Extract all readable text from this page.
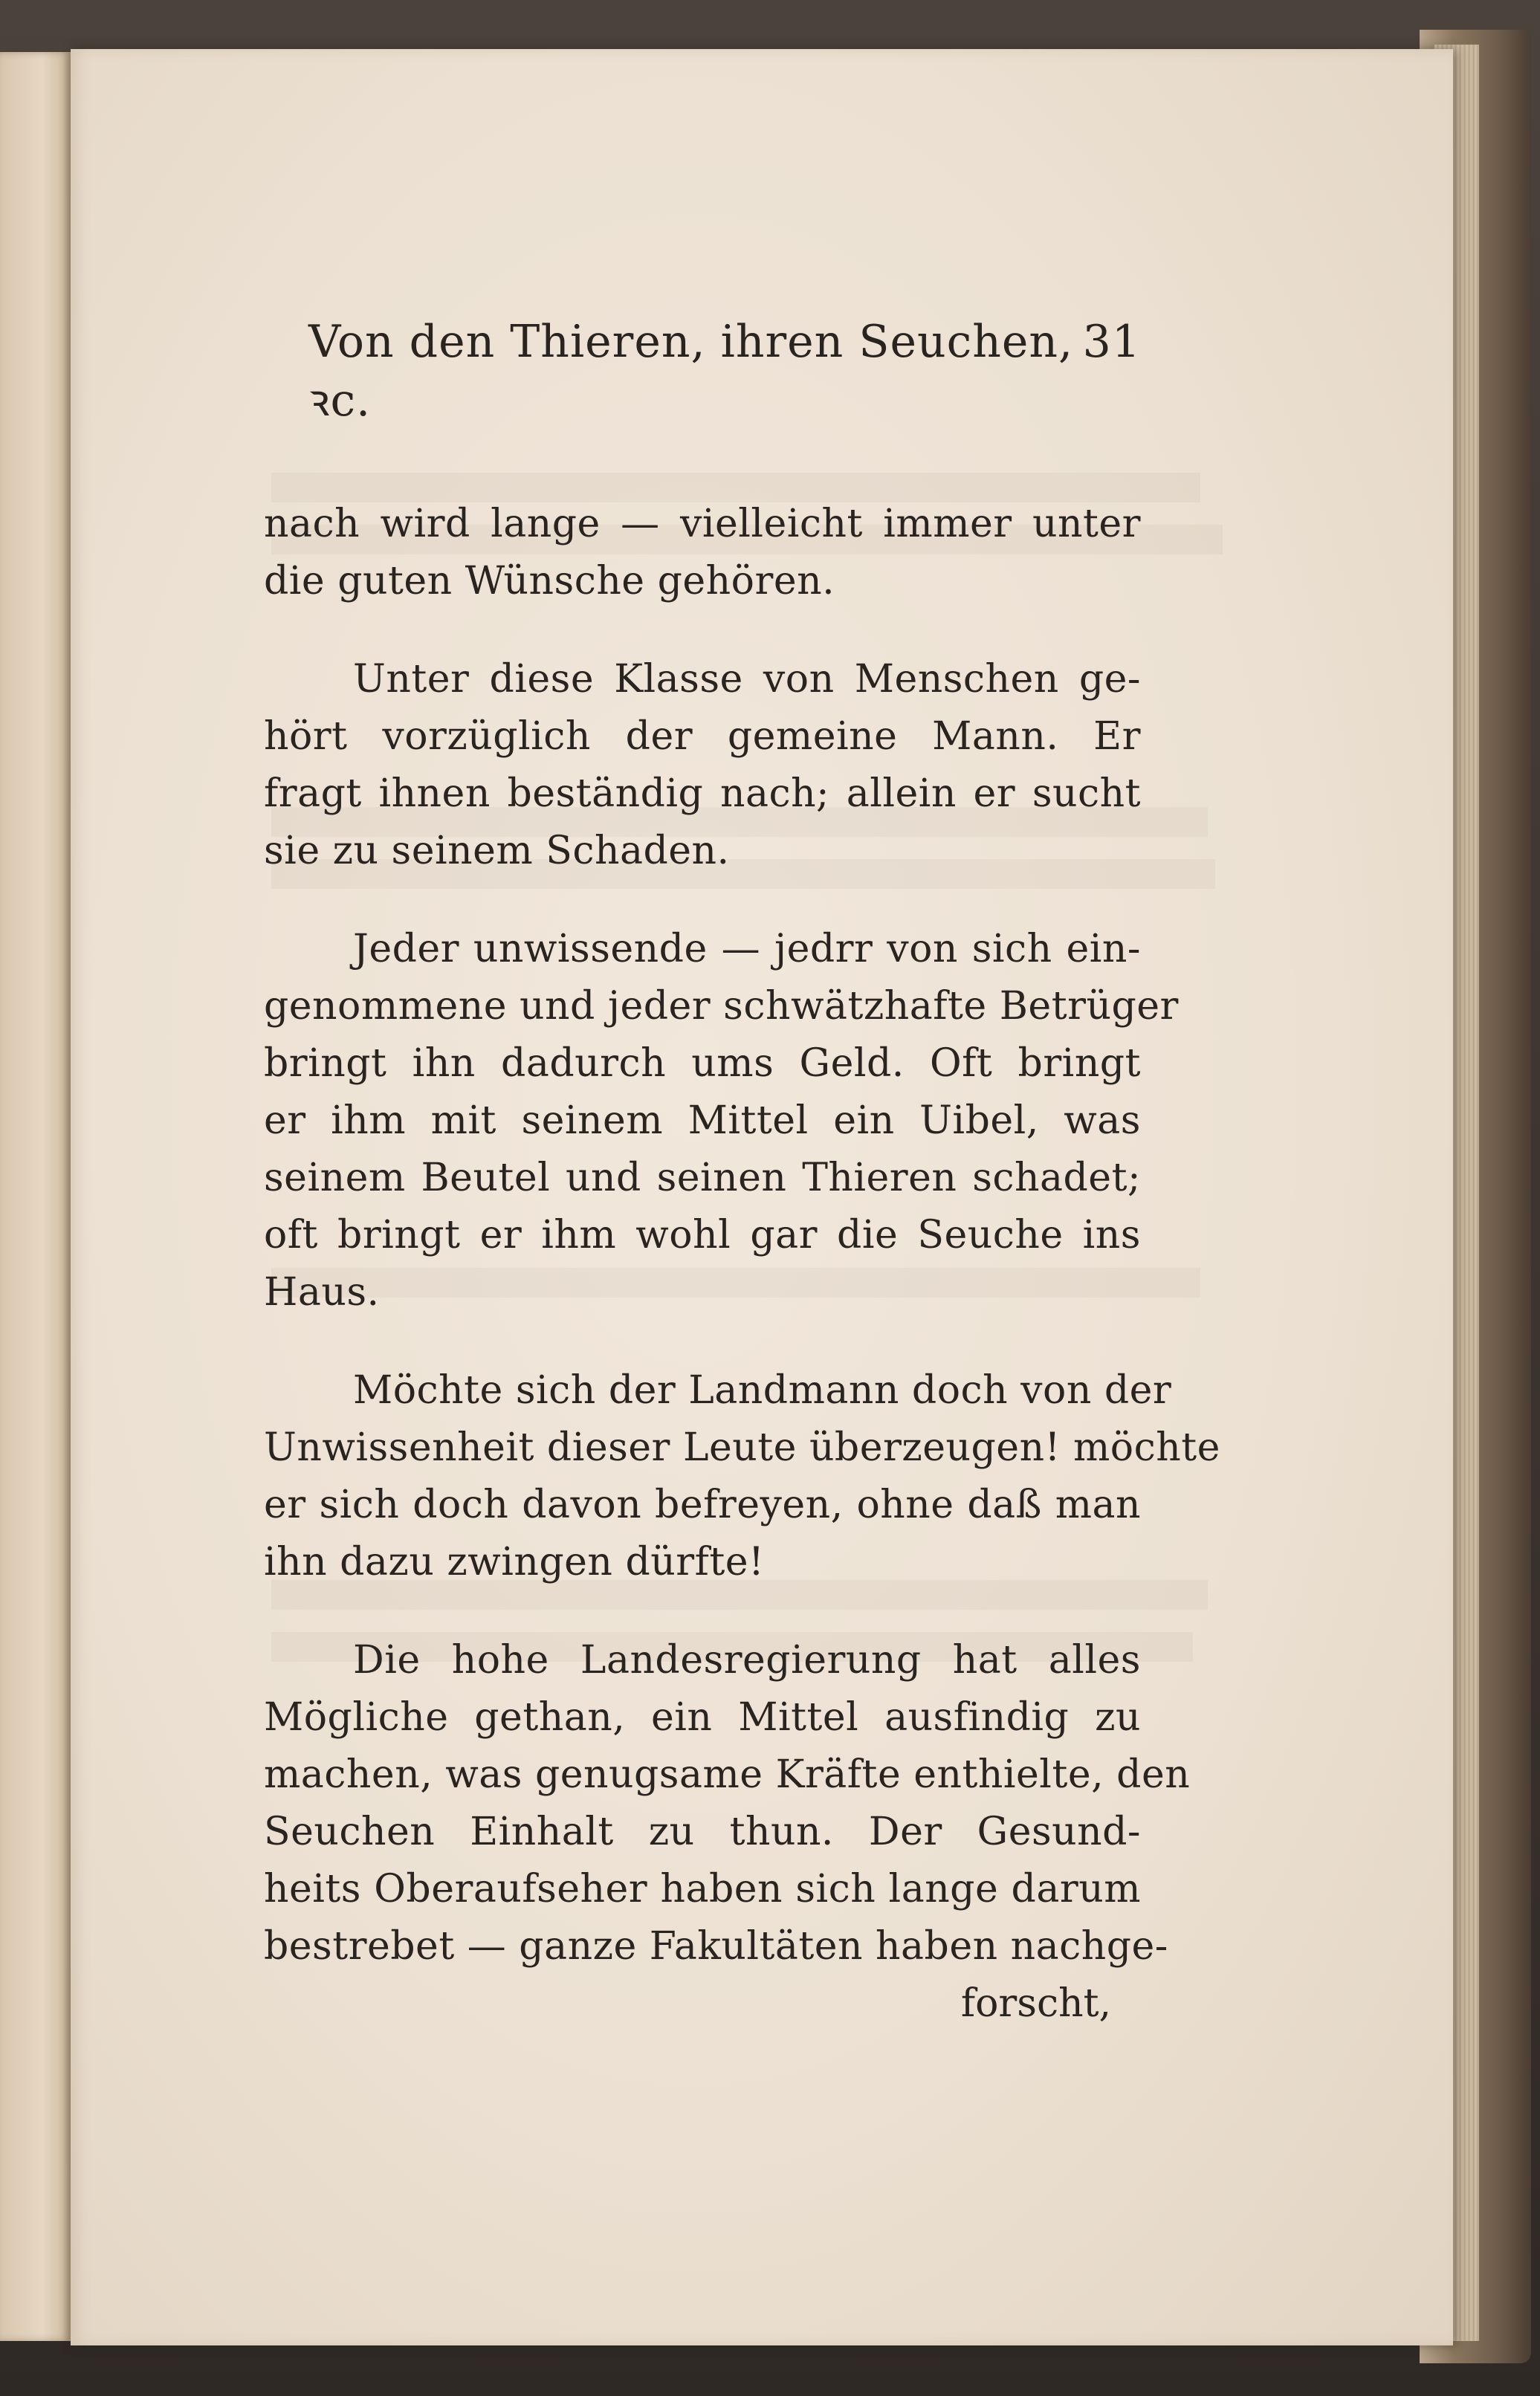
Von den Thieren, ihren Seuchen, ꝛc.
31
nach wird lange — vielleicht immer unter
die guten Wünsche gehören.
Unter diese Klasse von Menschen ge-
hört vorzüglich der gemeine Mann. Er
fragt ihnen beständig nach; allein er sucht
sie zu seinem Schaden.
Jeder unwissende — jedrr von sich ein-
genommene und jeder schwätzhafte Betrüger
bringt ihn dadurch ums Geld. Oft bringt
er ihm mit seinem Mittel ein Uibel, was
seinem Beutel und seinen Thieren schadet;
oft bringt er ihm wohl gar die Seuche ins
Haus.
Möchte sich der Landmann doch von der
Unwissenheit dieser Leute überzeugen! möchte
er sich doch davon befreyen, ohne daß man
ihn dazu zwingen dürfte!
Die hohe Landesregierung hat alles
Mögliche gethan, ein Mittel ausfindig zu
machen, was genugsame Kräfte enthielte, den
Seuchen Einhalt zu thun. Der Gesund-
heits Oberaufseher haben sich lange darum
bestrebet — ganze Fakultäten haben nachge-
forscht,
